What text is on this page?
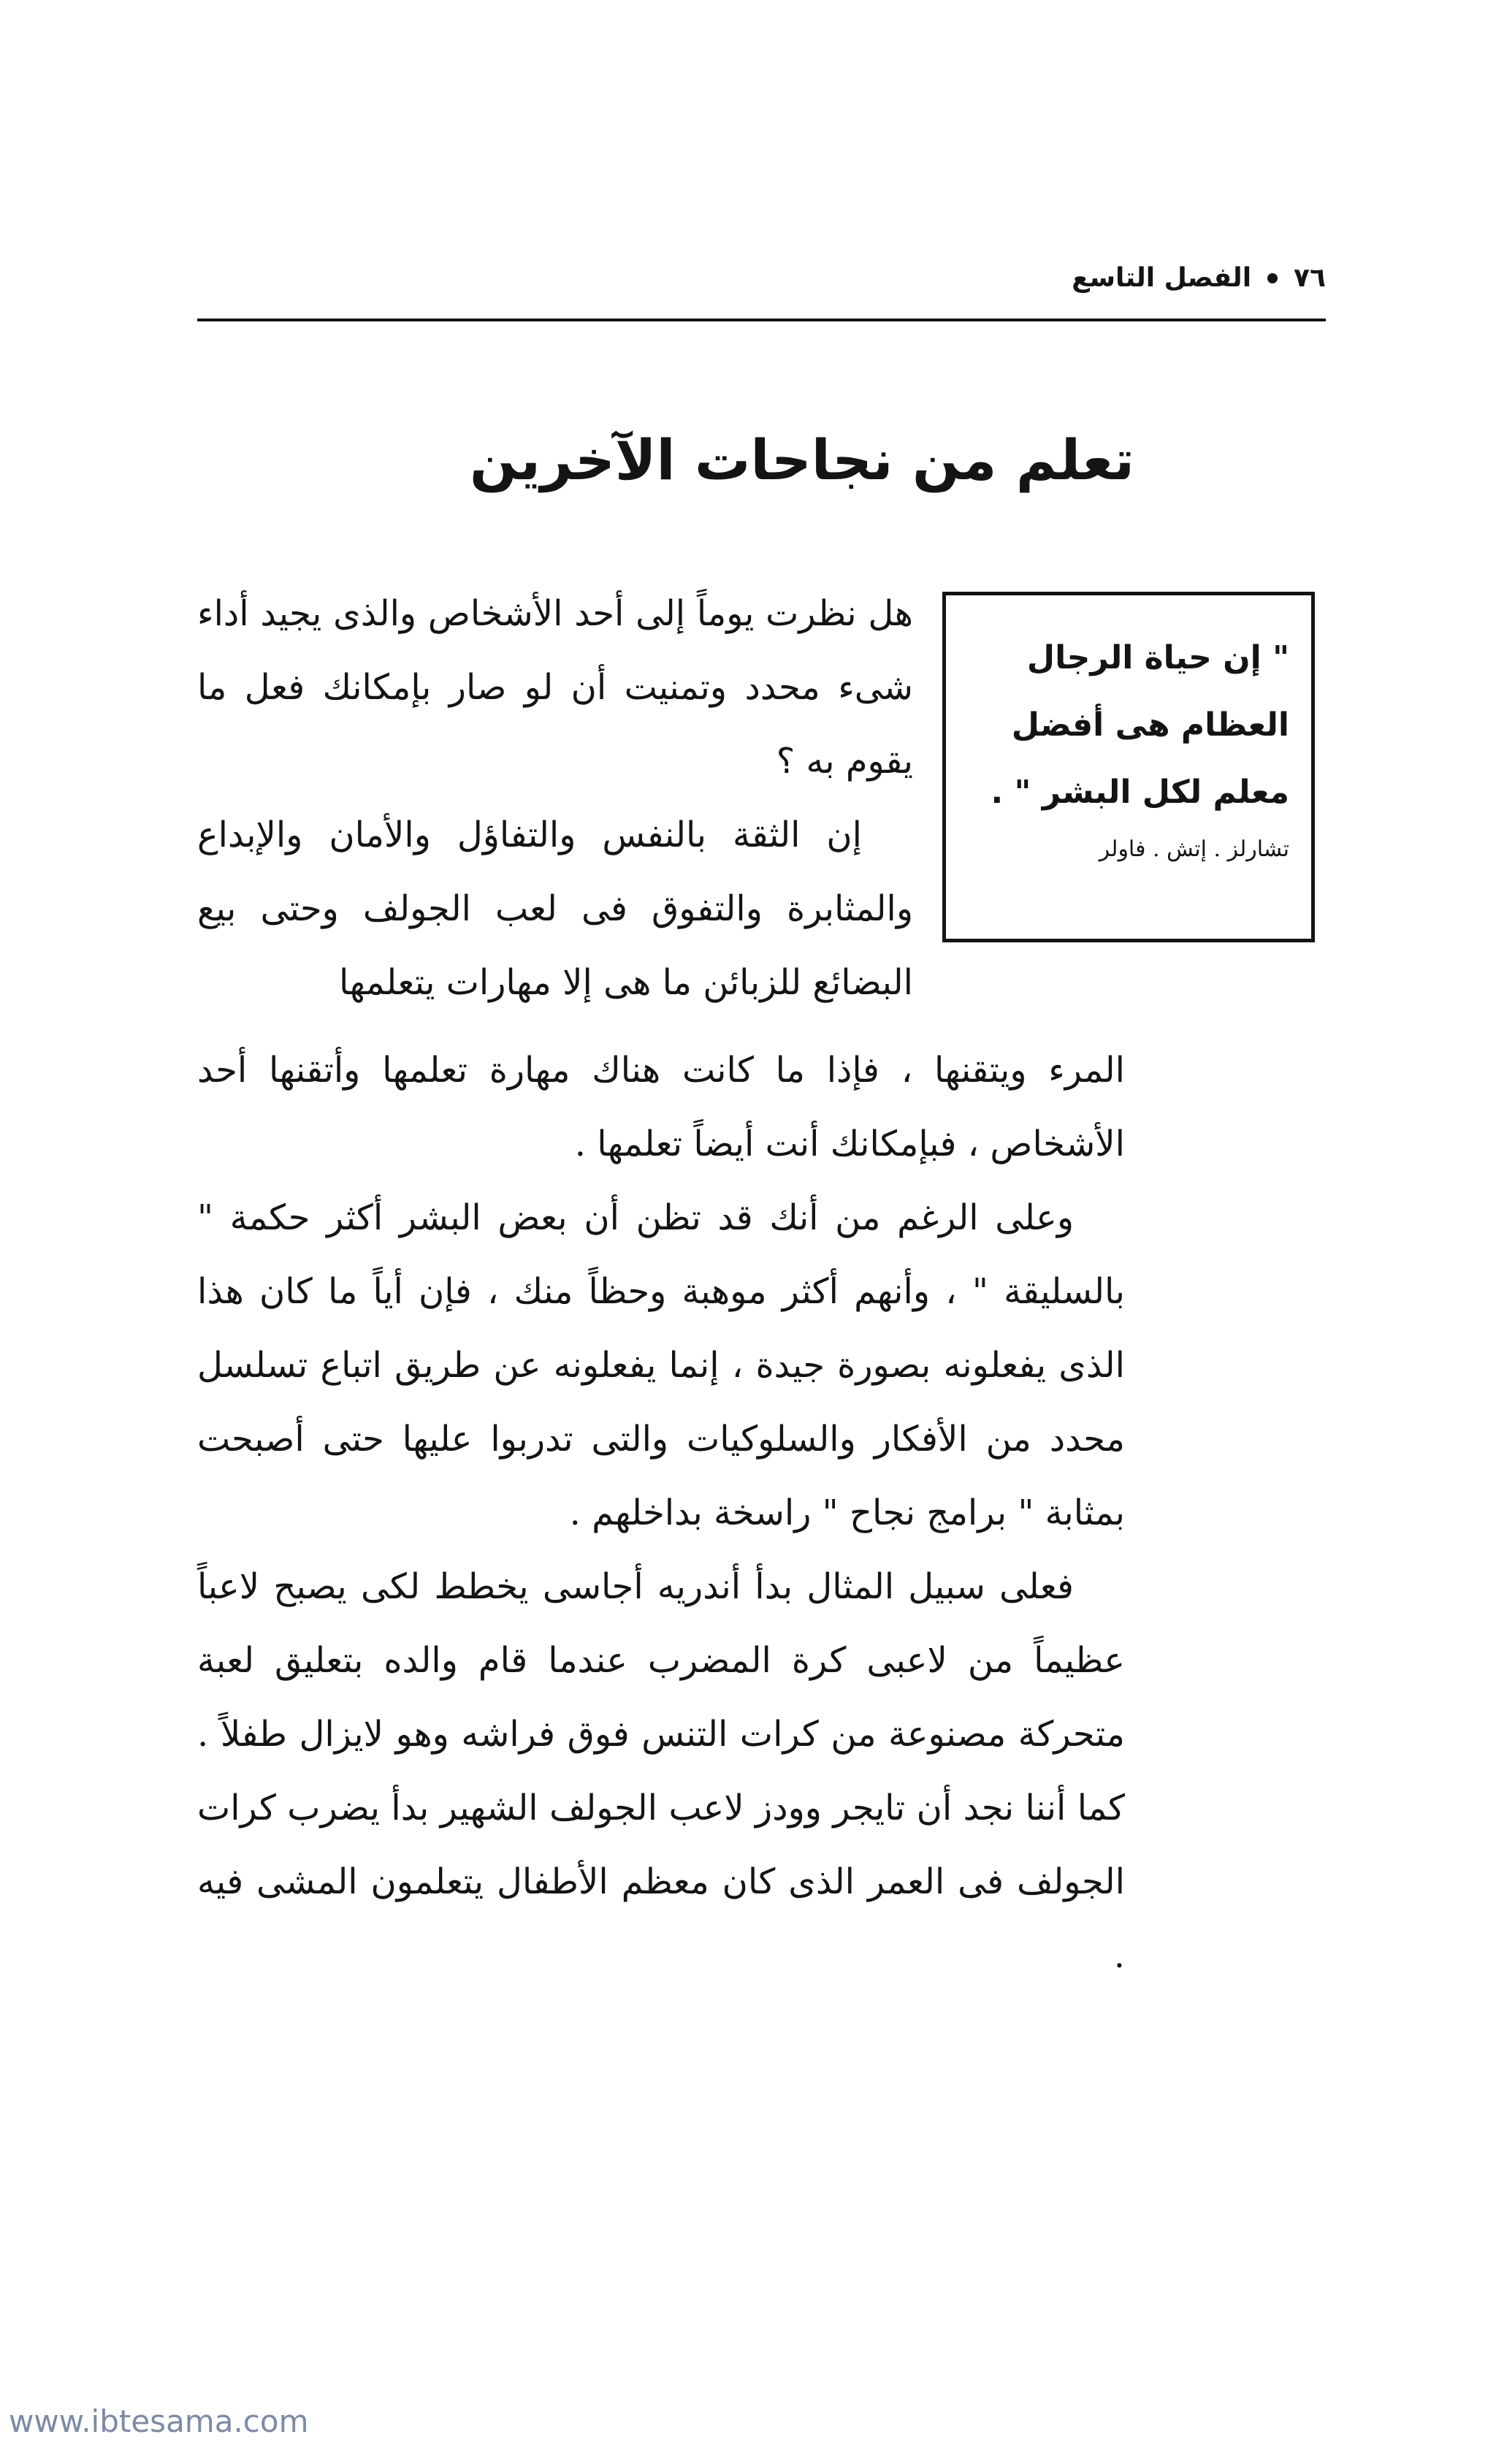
٧٦
الفصل التاسع
تعلم من نجاحات الآخرين
" إن حياة الرجال العظام هى أفضل معلم لكل البشر " .
تشارلز . إتش . فاولر

هل نظرت يوماً إلى أحد الأشخاص والذى يجيد أداء شىء محدد وتمنيت أن لو صار بإمكانك فعل ما يقوم به ؟

إن الثقة بالنفس والتفاؤل والأمان والإبداع والمثابرة والتفوق فى لعب الجولف وحتى بيع البضائع للزبائن ما هى إلا مهارات يتعلمها

المرء ويتقنها ، فإذا ما كانت هناك مهارة تعلمها وأتقنها أحد الأشخاص ، فبإمكانك أنت أيضاً تعلمها .

وعلى الرغم من أنك قد تظن أن بعض البشر أكثر حكمة " بالسليقة " ، وأنهم أكثر موهبة وحظاً منك ، فإن أياً ما كان هذا الذى يفعلونه بصورة جيدة ، إنما يفعلونه عن طريق اتباع تسلسل محدد من الأفكار والسلوكيات والتى تدربوا عليها حتى أصبحت بمثابة " برامج نجاح " راسخة بداخلهم .

فعلى سبيل المثال بدأ أندريه أجاسى يخطط لكى يصبح لاعباً عظيماً من لاعبى كرة المضرب عندما قام والده بتعليق لعبة متحركة مصنوعة من كرات التنس فوق فراشه وهو لايزال طفلاً . كما أننا نجد أن تايجر وودز لاعب الجولف الشهير بدأ يضرب كرات الجولف فى العمر الذى كان معظم الأطفال يتعلمون المشى فيه .

www.ibtesama.com
